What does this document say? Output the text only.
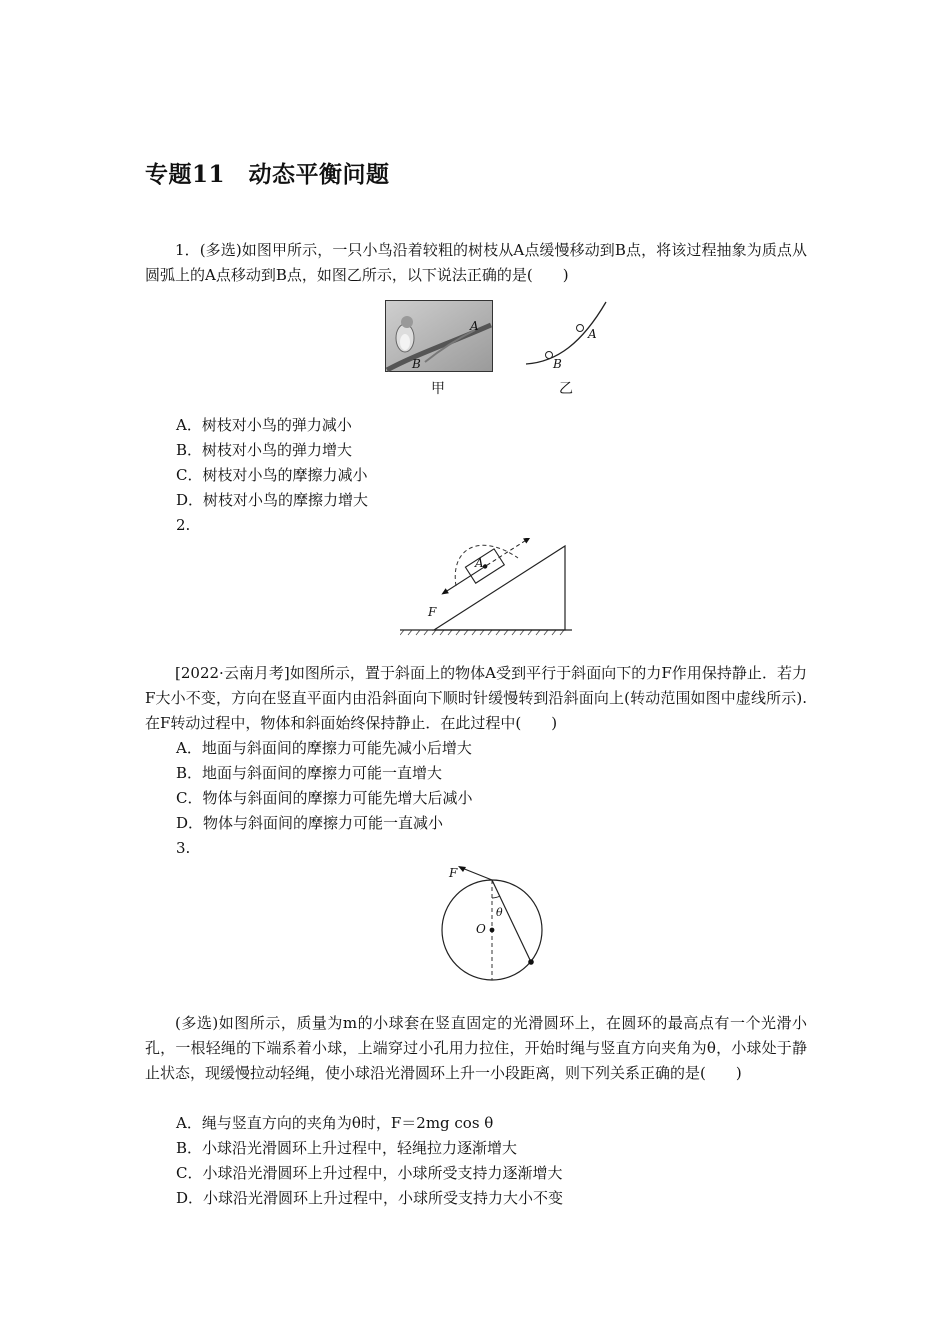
专题11　动态平衡问题
1．(多选)如图甲所示，一只小鸟沿着较粗的树枝从A点缓慢移动到B点，将该过程抽象为质点从圆弧上的A点移动到B点，如图乙所示，以下说法正确的是(　　)
A
B
甲
A
B
乙
A．树枝对小鸟的弹力减小
B．树枝对小鸟的弹力增大
C．树枝对小鸟的摩擦力减小
D．树枝对小鸟的摩擦力增大
2.
A
F
[2022·云南月考]如图所示，置于斜面上的物体A受到平行于斜面向下的力F作用保持静止．若力F大小不变，方向在竖直平面内由沿斜面向下顺时针缓慢转到沿斜面向上(转动范围如图中虚线所示).在F转动过程中，物体和斜面始终保持静止．在此过程中(　　)
A．地面与斜面间的摩擦力可能先减小后增大
B．地面与斜面间的摩擦力可能一直增大
C．物体与斜面间的摩擦力可能先增大后减小
D．物体与斜面间的摩擦力可能一直减小
3.
F
O
θ
(多选)如图所示，质量为m的小球套在竖直固定的光滑圆环上，在圆环的最高点有一个光滑小孔，一根轻绳的下端系着小球，上端穿过小孔用力拉住，开始时绳与竖直方向夹角为θ，小球处于静止状态，现缓慢拉动轻绳，使小球沿光滑圆环上升一小段距离，则下列关系正确的是(　　)
A．绳与竖直方向的夹角为θ时，F＝2mg cos θ
B．小球沿光滑圆环上升过程中，轻绳拉力逐渐增大
C．小球沿光滑圆环上升过程中，小球所受支持力逐渐增大
D．小球沿光滑圆环上升过程中，小球所受支持力大小不变
